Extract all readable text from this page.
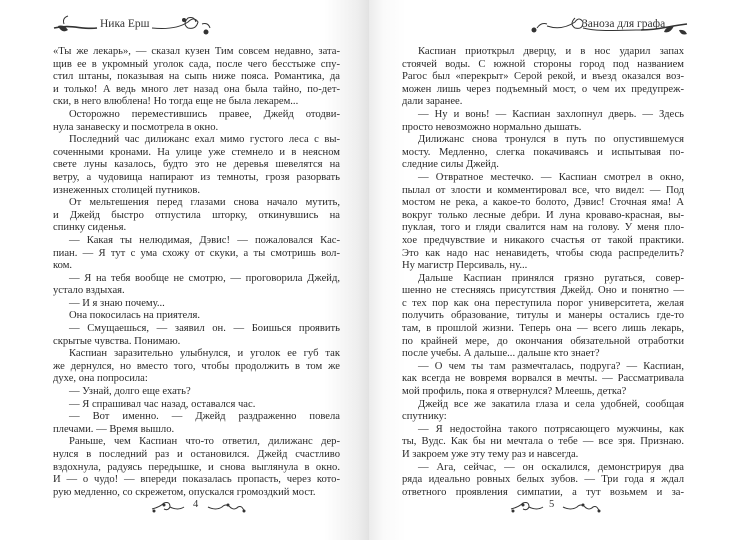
Ника Ерш
«Ты же лекарь», — сказал кузен Тим совсем недавно, зата-
щив ее в укромный уголок сада, после чего бесстыже спу-
стил штаны, показывая на сыпь ниже пояса. Романтика, да
и только! А ведь много лет назад она была тайно, по-дет-
ски, в него влюблена! Но тогда еще не была лекарем...
Осторожно переместившись правее, Джейд отодви-
нула занавеску и посмотрела в окно.
Последний час дилижанс ехал мимо густого леса с вы-
соченными кронами. На улице уже стемнело и в неясном
свете луны казалось, будто это не деревья шевелятся на
ветру, а чудовища напирают из темноты, грозя разорвать
изнеженных столицей путников.
От мельтешения перед глазами снова начало мутить,
и Джейд быстро отпустила шторку, откинувшись на
спинку сиденья.
— Какая ты нелюдимая, Дэвис! — пожаловался Кас-
пиан. — Я тут с ума схожу от скуки, а ты смотришь вол-
ком.
— Я на тебя вообще не смотрю, — проговорила Джейд,
устало вздыхая.
— И я знаю почему...
Она покосилась на приятеля.
— Смущаешься, — заявил он. — Боишься проявить
скрытые чувства. Понимаю.
Каспиан заразительно улыбнулся, и уголок ее губ так
же дернулся, но вместо того, чтобы продолжить в том же
духе, она попросила:
— Узнай, долго еще ехать?
— Я спрашивал час назад, оставался час.
— Вот именно. — Джейд раздраженно повела
плечами. — Время вышло.
Раньше, чем Каспиан что-то ответил, дилижанс дер-
нулся в последний раз и остановился. Джейд счастливо
вздохнула, радуясь передышке, и снова выглянула в окно.
И — о чудо! — впереди показалась пропасть, через кото-
рую медленно, со скрежетом, опускался громоздкий мост.
4
Заноза для графа
Каспиан приоткрыл дверцу, и в нос ударил запах
стоячей воды. С южной стороны город под названием
Рагос был «перекрыт» Серой рекой, и въезд оказался воз-
можен лишь через подъемный мост, о чем их предупреж-
дали заранее.
— Ну и вонь! — Каспиан захлопнул дверь. — Здесь
просто невозможно нормально дышать.
Дилижанс снова тронулся в путь по опустившемуся
мосту. Медленно, слегка покачиваясь и испытывая по-
следние силы Джейд.
— Отвратное местечко. — Каспиан смотрел в окно,
пылал от злости и комментировал все, что видел: — Под
мостом не река, а какое-то болото, Дэвис! Сточная яма! А
вокруг только лесные дебри. И луна кроваво-красная, вы-
пуклая, того и гляди свалится нам на голову. У меня пло-
хое предчувствие и никакого счастья от такой практики.
Это как надо нас ненавидеть, чтобы сюда распределить?
Ну магистр Персиваль, ну...
Дальше Каспиан принялся грязно ругаться, совер-
шенно не стесняясь присутствия Джейд. Оно и понятно —
с тех пор как она переступила порог университета, желая
получить образование, титулы и манеры остались где-то
там, в прошлой жизни. Теперь она — всего лишь лекарь,
по крайней мере, до окончания обязательной отработки
после учебы. А дальше... дальше кто знает?
— О чем ты там размечталась, подруга? — Каспиан,
как всегда не вовремя ворвался в мечты. — Рассматривала
мой профиль, пока я отвернулся? Млеешь, детка?
Джейд все же закатила глаза и села удобней, сообщая
спутнику:
— Я недостойна такого потрясающего мужчины, как
ты, Вудс. Как бы ни мечтала о тебе — все зря. Признаю.
И закроем уже эту тему раз и навсегда.
— Ага, сейчас, — он оскалился, демонстрируя два
ряда идеально ровных белых зубов. — Три года я ждал
ответного проявления симпатии, а тут возьмем и за-
5
